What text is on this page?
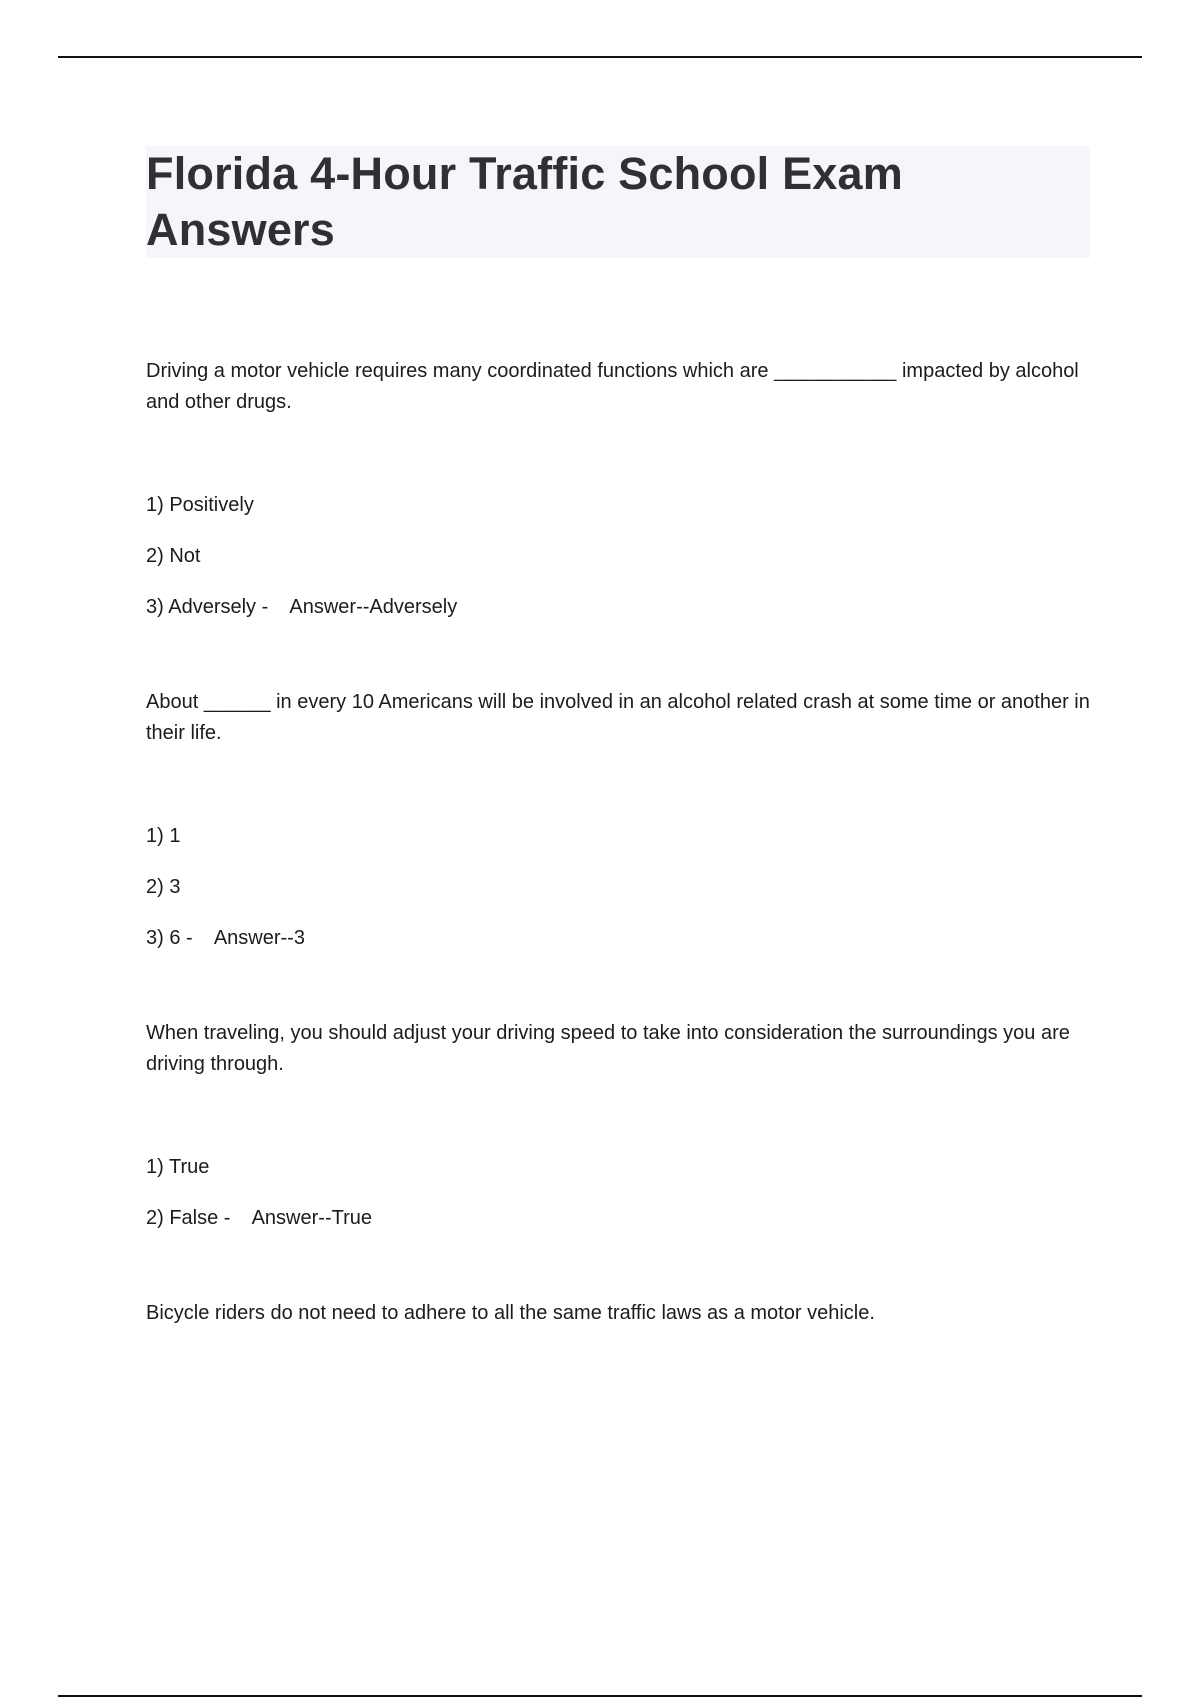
Florida 4-Hour Traffic School Exam Answers

Driving a motor vehicle requires many coordinated functions which are ___________ impacted by alcohol and other drugs.

1) Positively

2) Not

3) Adversely - Answer--Adversely

About ______ in every 10 Americans will be involved in an alcohol related crash at some time or another in their life.

1) 1

2) 3

3) 6 - Answer--3

When traveling, you should adjust your driving speed to take into consideration the surroundings you are driving through.

1) True

2) False - Answer--True

Bicycle riders do not need to adhere to all the same traffic laws as a motor vehicle.
